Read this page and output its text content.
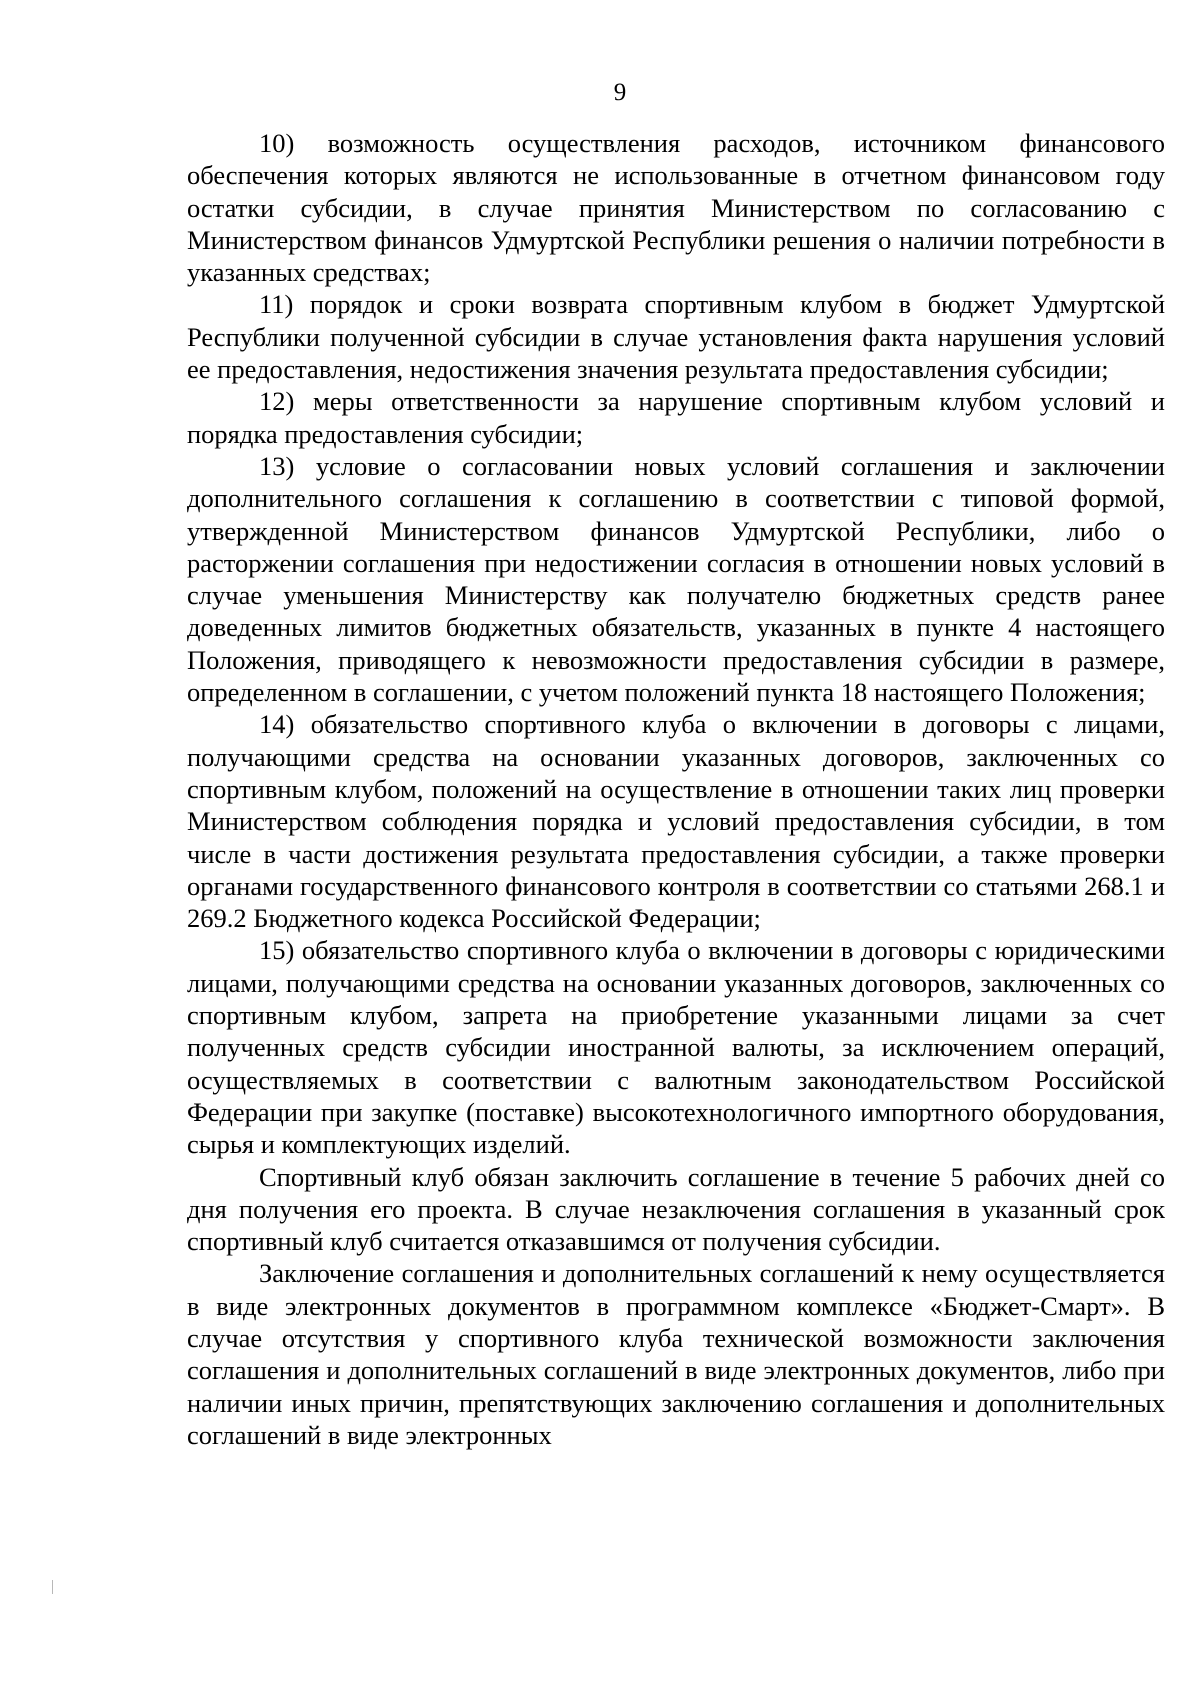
9

10) возможность осуществления расходов, источником финансового обеспечения которых являются не использованные в отчетном финансовом году остатки субсидии, в случае принятия Министерством по согласованию с Министерством финансов Удмуртской Республики решения о наличии потребности в указанных средствах;

11) порядок и сроки возврата спортивным клубом в бюджет Удмуртской Республики полученной субсидии в случае установления факта нарушения условий ее предоставления, недостижения значения результата предоставления субсидии;

12) меры ответственности за нарушение спортивным клубом условий и порядка предоставления субсидии;

13) условие о согласовании новых условий соглашения и заключении дополнительного соглашения к соглашению в соответствии с типовой формой, утвержденной Министерством финансов Удмуртской Республики, либо о расторжении соглашения при недостижении согласия в отношении новых условий в случае уменьшения Министерству как получателю бюджетных средств ранее доведенных лимитов бюджетных обязательств, указанных в пункте 4 настоящего Положения, приводящего к невозможности предоставления субсидии в размере, определенном в соглашении, с учетом положений пункта 18 настоящего Положения;

14) обязательство спортивного клуба о включении в договоры с лицами, получающими средства на основании указанных договоров, заключенных со спортивным клубом, положений на осуществление в отношении таких лиц проверки Министерством соблюдения порядка и условий предоставления субсидии, в том числе в части достижения результата предоставления субсидии, а также проверки органами государственного финансового контроля в соответствии со статьями 268.1 и 269.2 Бюджетного кодекса Российской Федерации;

15) обязательство спортивного клуба о включении в договоры с юридическими лицами, получающими средства на основании указанных договоров, заключенных со спортивным клубом, запрета на приобретение указанными лицами за счет полученных средств субсидии иностранной валюты, за исключением операций, осуществляемых в соответствии с валютным законодательством Российской Федерации при закупке (поставке) высокотехнологичного импортного оборудования, сырья и комплектующих изделий.

Спортивный клуб обязан заключить соглашение в течение 5 рабочих дней со дня получения его проекта. В случае незаключения соглашения в указанный срок спортивный клуб считается отказавшимся от получения субсидии.

Заключение соглашения и дополнительных соглашений к нему осуществляется в виде электронных документов в программном комплексе «Бюджет-Смарт». В случае отсутствия у спортивного клуба технической возможности заключения соглашения и дополнительных соглашений в виде электронных документов, либо при наличии иных причин, препятствующих заключению соглашения и дополнительных соглашений в виде электронных
